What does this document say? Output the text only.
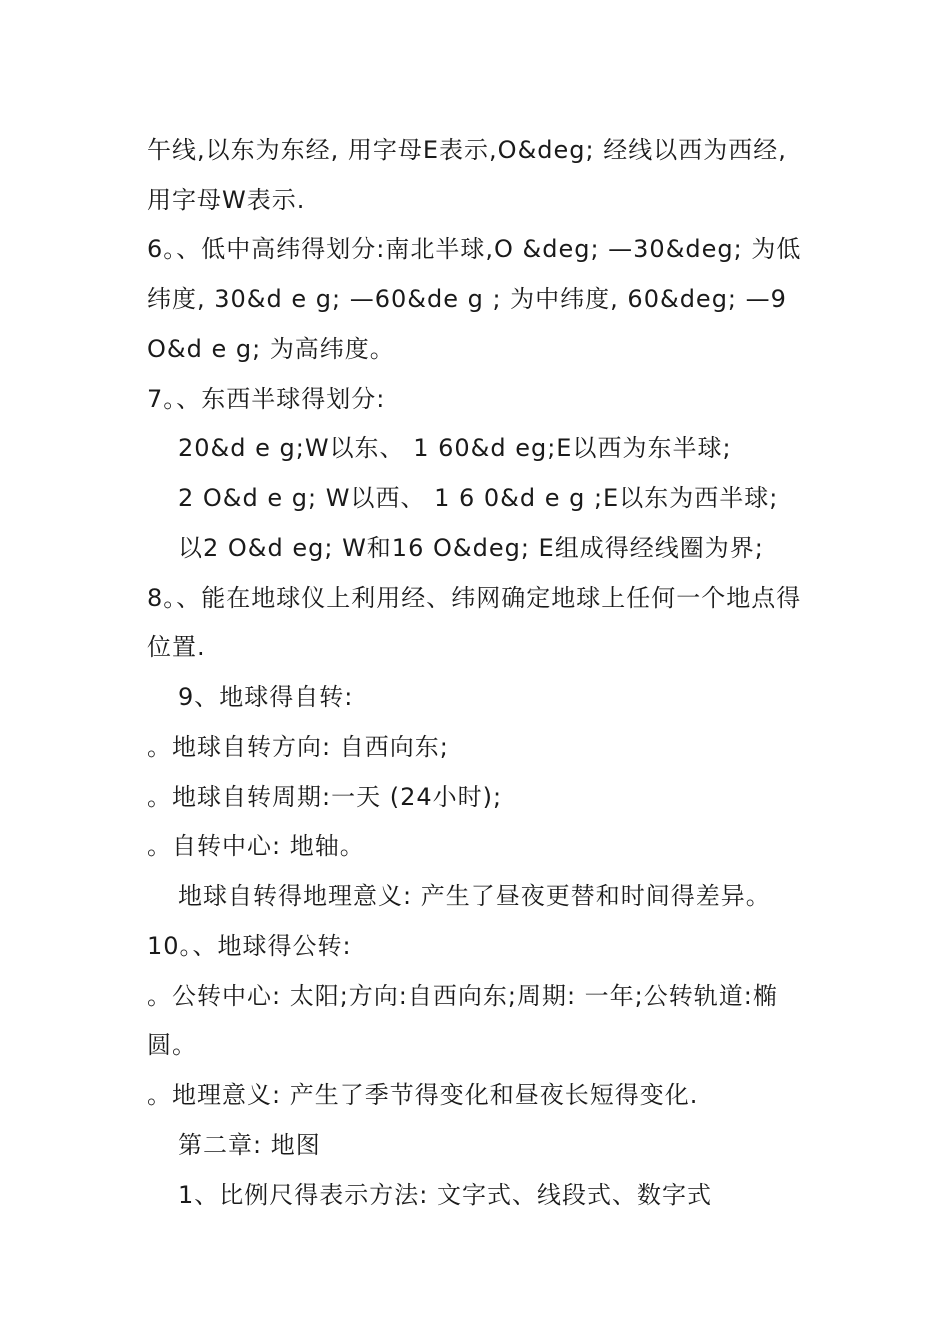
午线,以东为东经, 用字母E表示,O&deg; 经线以西为西经,
用字母W表示.
6。、低中高纬得划分:南北半球,O &deg; —30&deg; 为低
纬度, 30&d e g; —60&de g ; 为中纬度, 60&deg; —9
O&d e g; 为高纬度。
7。、东西半球得划分:
20&d e g;W以东、 1 60&d eg;E以西为东半球;
2 O&d e g; W以西、 1 6 0&d e g ;E以东为西半球;
以2 O&d eg; W和16 O&deg; E组成得经线圈为界;
8。、能在地球仪上利用经、纬网确定地球上任何一个地点得
位置.
9、地球得自转:
。地球自转方向: 自西向东;
。地球自转周期:一天 (24小时);
。自转中心: 地轴。
地球自转得地理意义: 产生了昼夜更替和时间得差异。
10。、地球得公转:
。公转中心: 太阳;方向:自西向东;周期: 一年;公转轨道:椭
圆。
。地理意义: 产生了季节得变化和昼夜长短得变化.
第二章: 地图
1、比例尺得表示方法: 文字式、线段式、数字式
